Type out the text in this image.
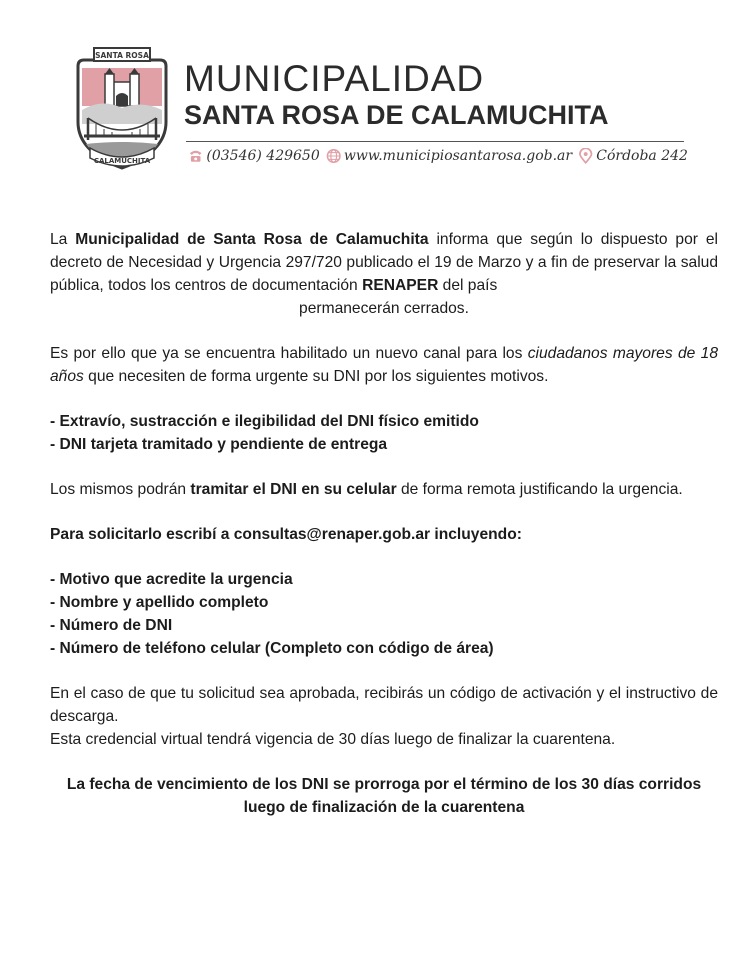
SANTA ROSA
CALAMUCHITA
MUNICIPALIDAD
SANTA ROSA DE CALAMUCHITA
(03546) 429650 www.municipiosantarosa.gob.ar Córdoba 242

La Municipalidad de Santa Rosa de Calamuchita informa que según lo dispuesto por el decreto de Necesidad y Urgencia 297/720 publicado el 19 de Marzo y a fin de preservar la salud pública, todos los centros de documentación RENAPER del país

permanecerán cerrados.

Es por ello que ya se encuentra habilitado un nuevo canal para los ciudadanos mayores de 18 años que necesiten de forma urgente su DNI por los siguientes motivos.

- Extravío, sustracción e ilegibilidad del DNI físico emitido

- DNI tarjeta tramitado y pendiente de entrega

Los mismos podrán tramitar el DNI en su celular de forma remota justificando la urgencia.

Para solicitarlo escribí a consultas@renaper.gob.ar incluyendo:

- Motivo que acredite la urgencia

- Nombre y apellido completo

- Número de DNI

- Número de teléfono celular (Completo con código de área)

En el caso de que tu solicitud sea aprobada, recibirás un código de activación y el instructivo de descarga.

Esta credencial virtual tendrá vigencia de 30 días luego de finalizar la cuarentena.

La fecha de vencimiento de los DNI se prorroga por el término de los 30 días corridos luego de finalización de la cuarentena
